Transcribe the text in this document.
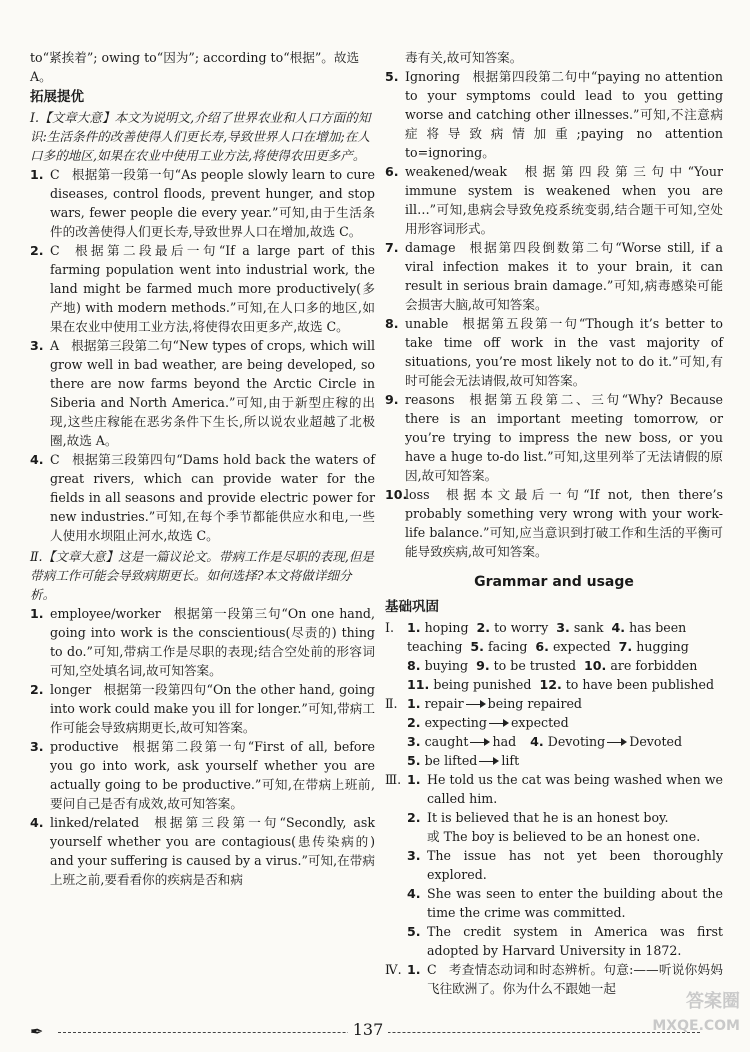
to“紧挨着”; owing to“因为”; according to“根据”。故选 A。

拓展提优

Ⅰ.【文章大意】本文为说明文,介绍了世界农业和人口方面的知识:生活条件的改善使得人们更长寿,导致世界人口在增加;在人口多的地区,如果在农业中使用工业方法,将使得农田更多产。

1. C 根据第一段第一句“As people slowly learn to cure diseases, control floods, prevent hunger, and stop wars, fewer people die every year.”可知,由于生活条件的改善使得人们更长寿,导致世界人口在增加,故选 C。

2. C 根据第二段最后一句“If a large part of this farming population went into industrial work, the land might be farmed much more productively(多产地) with modern methods.”可知,在人口多的地区,如果在农业中使用工业方法,将使得农田更多产,故选 C。

3. A 根据第三段第二句“New types of crops, which will grow well in bad weather, are being developed, so there are now farms beyond the Arctic Circle in Siberia and North America.”可知,由于新型庄稼的出现,这些庄稼能在恶劣条件下生长,所以说农业超越了北极圈,故选 A。

4. C 根据第三段第四句“Dams hold back the waters of great rivers, which can provide water for the fields in all seasons and provide electric power for new industries.”可知,在每个季节都能供应水和电,一些人使用水坝阻止河水,故选 C。

Ⅱ.【文章大意】这是一篇议论文。带病工作是尽职的表现,但是带病工作可能会导致病期更长。如何选择?本文将做详细分析。

1. employee/worker 根据第一段第三句“On one hand, going into work is the conscientious(尽责的) thing to do.”可知,带病工作是尽职的表现;结合空处前的形容词可知,空处填名词,故可知答案。

2. longer 根据第一段第四句“On the other hand, going into work could make you ill for longer.”可知,带病工作可能会导致病期更长,故可知答案。

3. productive 根据第二段第一句“First of all, before you go into work, ask yourself whether you are actually going to be productive.”可知,在带病上班前,要问自己是否有成效,故可知答案。

4. linked/related 根据第三段第一句“Secondly, ask yourself whether you are contagious(患传染病的) and your suffering is caused by a virus.”可知,在带病上班之前,要看看你的疾病是否和病

毒有关,故可知答案。

5. Ignoring 根据第四段第二句中“paying no attention to your symptoms could lead to you getting worse and catching other illnesses.”可知,不注意病症将导致病情加重;paying no attention to=ignoring。

6. weakened/weak 根据第四段第三句中“Your immune system is weakened when you are ill…”可知,患病会导致免疫系统变弱,结合题干可知,空处用形容词形式。

7. damage 根据第四段倒数第二句“Worse still, if a viral infection makes it to your brain, it can result in serious brain damage.”可知,病毒感染可能会损害大脑,故可知答案。

8. unable 根据第五段第一句“Though it’s better to take time off work in the vast majority of situations, you’re most likely not to do it.”可知,有时可能会无法请假,故可知答案。

9. reasons 根据第五段第二、三句“Why? Because there is an important meeting tomorrow, or you’re trying to impress the new boss, or you have a huge to-do list.”可知,这里列举了无法请假的原因,故可知答案。

10.
loss 根据本文最后一句“If not, then there’s probably something very wrong with your work-life balance.”可知,应当意识到打破工作和生活的平衡可能导致疾病,故可知答案。

Grammar and usage

基础巩固

Ⅰ. 1. hoping 2. to worry 3. sank 4. has been
teaching 5. facing 6. expected 7. hugging
8. buying 9. to be trusted 10. are forbidden
11. being punished 12. to have been published
Ⅱ. 1. repair being repaired
2. expecting expected
3. caught had 4. Devoting Devoted
5. be lifted lift
Ⅲ. 1. He told us the cat was being washed when we called him.

2. It is believed that he is an honest boy.

或 The boy is believed to be an honest one.

3. The issue has not yet been thoroughly explored.

4. She was seen to enter the building about the time the crime was committed.

5. The credit system in America was first adopted by Harvard University in 1872.

Ⅳ. 1. C 考查情态动词和时态辨析。句意:——听说你妈妈飞往欧洲了。你为什么不跟她一起

✒	137
答案圈
MXQE.COM
